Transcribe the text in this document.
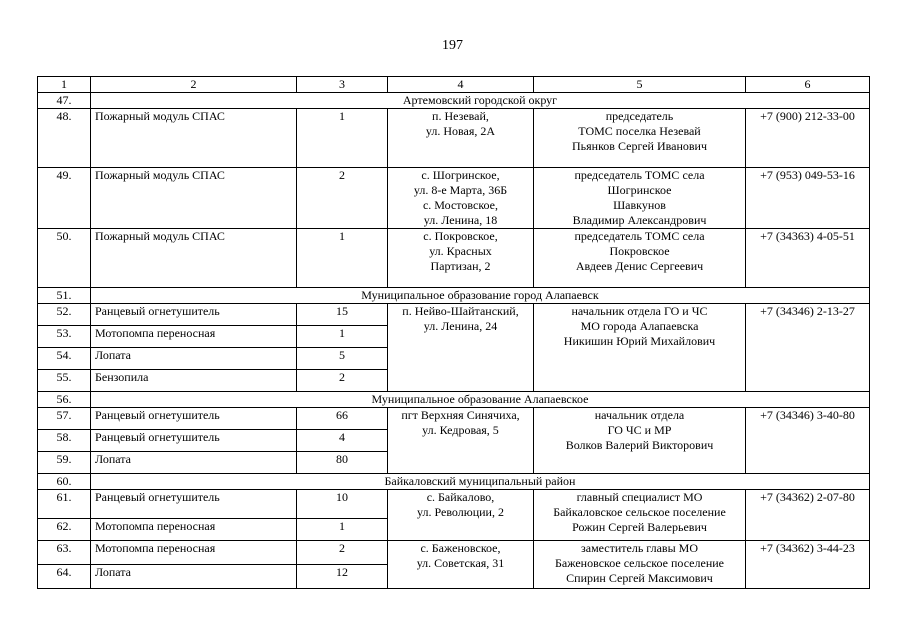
197
1	2	3	4	5	6
47.	Артемовский городской округ				
48.	Пожарный модуль СПАС	1	п. Незевай,
ул. Новая, 2А	председатель
ТОМС поселка Незевай
Пьянков Сергей Иванович	+7 (900) 212-33-00
49.	Пожарный модуль СПАС	2	с. Шогринское,
ул. 8-е Марта, 36Б
с. Мостовское,
ул. Ленина, 18	председатель ТОМС села
Шогринское
Шавкунов
Владимир Александрович	+7 (953) 049-53-16
50.	Пожарный модуль СПАС	1	с. Покровское,
ул. Красных
Партизан, 2	председатель ТОМС села
Покровское
Авдеев Денис Сергеевич	+7 (34363) 4-05-51
51.	Муниципальное образование город Алапаевск				
52.	Ранцевый огнетушитель	15	п. Нейво-Шайтанский,
ул. Ленина, 24	начальник отдела ГО и ЧС
МО города Алапаевска
Никишин Юрий Михайлович	+7 (34346) 2-13-27
53.	Мотопомпа переносная	1			
54.	Лопата	5			
55.	Бензопила	2			
56.	Муниципальное образование Алапаевское				
57.	Ранцевый огнетушитель	66	пгт Верхняя Синячиха,
ул. Кедровая, 5	начальник отдела
ГО ЧС и МР
Волков Валерий Викторович	+7 (34346) 3-40-80
58.	Ранцевый огнетушитель	4			
59.	Лопата	80			
60.	Байкаловский муниципальный район				
61.	Ранцевый огнетушитель	10	с. Байкалово,
ул. Революции, 2	главный специалист МО
Байкаловское сельское поселение
Рожин Сергей Валерьевич	+7 (34362) 2-07-80
62.	Мотопомпа переносная	1			
63.	Мотопомпа переносная	2	с. Баженовское,
ул. Советская, 31	заместитель главы МО
Баженовское сельское поселение
Спирин Сергей Максимович	+7 (34362) 3-44-23
64.	Лопата	12			
